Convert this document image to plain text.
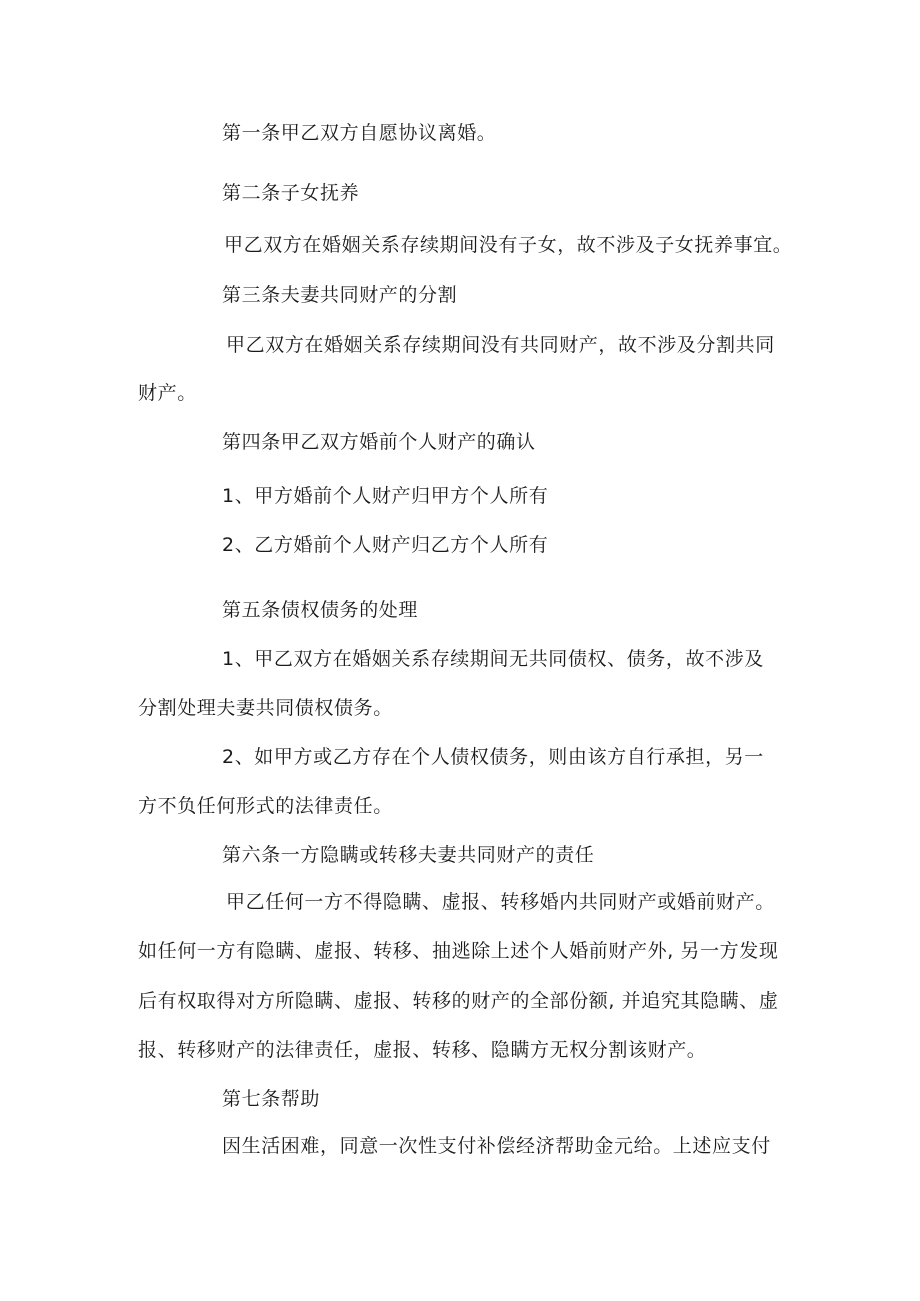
第一条甲乙双方自愿协议离婚。
第二条子女抚养
甲乙双方在婚姻关系存续期间没有子女，故不涉及子女抚养事宜。
第三条夫妻共同财产的分割
甲乙双方在婚姻关系存续期间没有共同财产，故不涉及分割共同
财产。
第四条甲乙双方婚前个人财产的确认
1、甲方婚前个人财产归甲方个人所有
2、乙方婚前个人财产归乙方个人所有
第五条债权债务的处理
1、甲乙双方在婚姻关系存续期间无共同债权、债务，故不涉及
分割处理夫妻共同债权债务。
2、如甲方或乙方存在个人债权债务，则由该方自行承担，另一
方不负任何形式的法律责任。
第六条一方隐瞒或转移夫妻共同财产的责任
甲乙任何一方不得隐瞒、虚报、转移婚内共同财产或婚前财产。
如任何一方有隐瞒、虚报、转移、抽逃除上述个人婚前财产外, 另一方发现
后有权取得对方所隐瞒、虚报、转移的财产的全部份额, 并追究其隐瞒、虚
报、转移财产的法律责任，虚报、转移、隐瞒方无权分割该财产。
第七条帮助
因生活困难，同意一次性支付补偿经济帮助金元给。上述应支付
